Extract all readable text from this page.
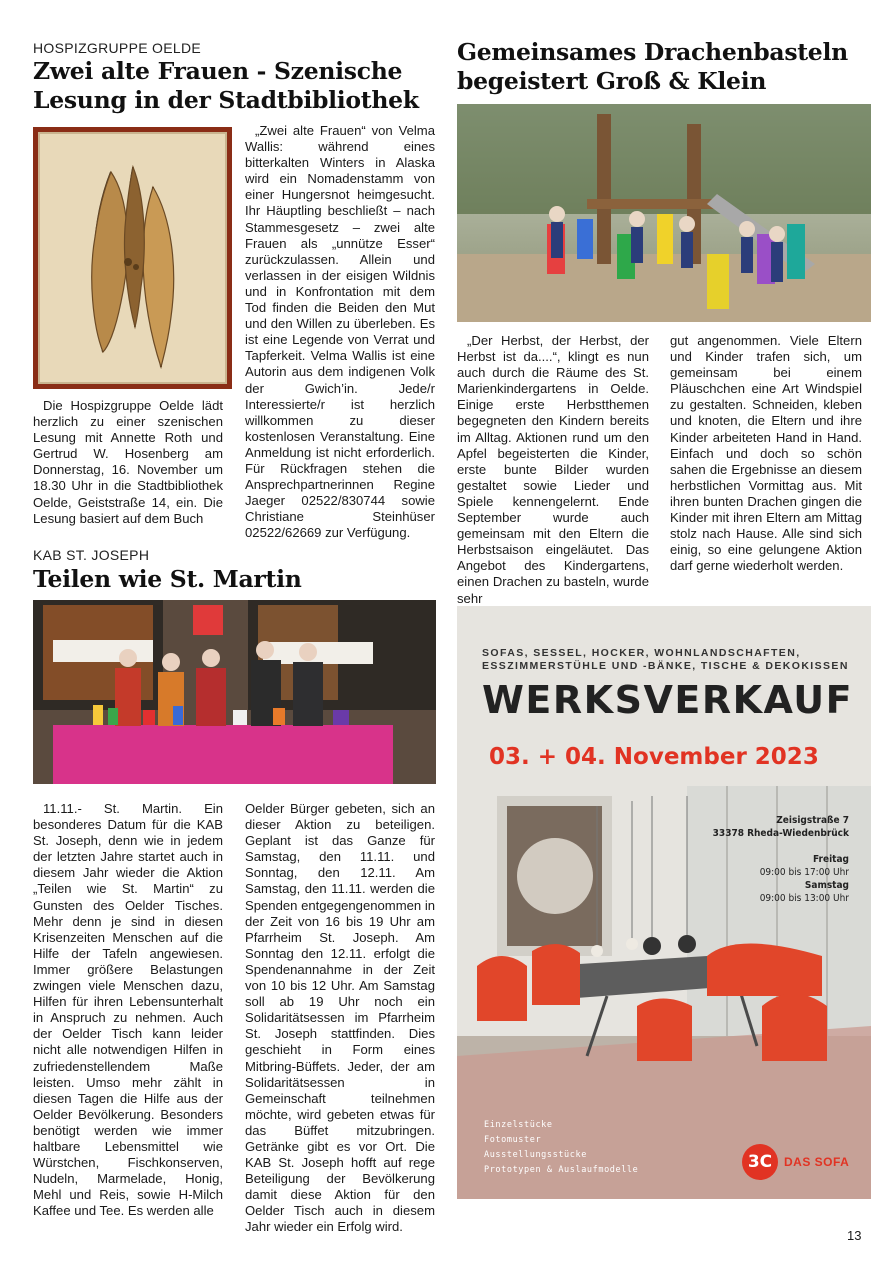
HOSPIZGRUPPE OELDE
Zwei alte Frauen - Szenische
Lesung in der Stadtbibliothek

Die Hospizgruppe Oelde lädt herzlich zu einer szenischen Lesung mit Annette Roth und Gertrud W. Hosenberg am Donnerstag, 16. November um 18.30 Uhr in die Stadtbibliothek Oelde, Geiststraße 14, ein. Die Lesung basiert auf dem Buch

„Zwei alte Frauen“ von Velma Wallis: während eines bitterkalten Winters in Alaska wird ein Nomadenstamm von einer Hungersnot heimgesucht. Ihr Häuptling beschließt – nach Stammesgesetz – zwei alte Frauen als „unnütze Esser“ zurückzulassen. Allein und verlassen in der eisigen Wildnis und in Konfrontation mit dem Tod finden die Beiden den Mut und den Willen zu überleben. Es ist eine Legende von Verrat und Tapferkeit. Velma Wallis ist eine Autorin aus dem indigenen Volk der Gwich’in. Jede/r Interessierte/r ist herzlich willkommen zu dieser kostenlosen Veranstaltung. Eine Anmeldung ist nicht erforderlich. Für Rückfragen stehen die Ansprechpartnerinnen Regine Jaeger 02522/830744 sowie Christiane Steinhüser 02522/62669 zur Verfügung.

Gemeinsames Drachenbasteln
begeistert Groß & Klein

„Der Herbst, der Herbst, der Herbst ist da....“, klingt es nun auch durch die Räume des St. Marienkindergartens in Oelde. Einige erste Herbstthemen begegneten den Kindern bereits im Alltag. Aktionen rund um den Apfel begeisterten die Kinder, erste bunte Bilder wurden gestaltet sowie Lieder und Spiele kennengelernt. Ende September wurde auch gemeinsam mit den Eltern die Herbstsaison eingeläutet. Das Angebot des Kindergartens, einen Drachen zu basteln, wurde sehr

gut angenommen. Viele Eltern und Kinder trafen sich, um gemeinsam bei einem Pläuschchen eine Art Windspiel zu gestalten. Schneiden, kleben und knoten, die Eltern und ihre Kinder arbeiteten Hand in Hand. Einfach und doch so schön sahen die Ergebnisse an diesem herbstlichen Vormittag aus. Mit ihren bunten Drachen gingen die Kinder mit ihren Eltern am Mittag stolz nach Hause. Alle sind sich einig, so eine gelungene Aktion darf gerne wiederholt werden.

KAB ST. JOSEPH
Teilen wie St. Martin

11.11.- St. Martin. Ein besonderes Datum für die KAB St. Joseph, denn wie in jedem der letzten Jahre startet auch in diesem Jahr wieder die Aktion „Teilen wie St. Martin“ zu Gunsten des Oelder Tisches. Mehr denn je sind in diesen Krisenzeiten Menschen auf die Hilfe der Tafeln angewiesen. Immer größere Belastungen zwingen viele Menschen dazu, Hilfen für ihren Lebensunterhalt in Anspruch zu nehmen. Auch der Oelder Tisch kann leider nicht alle notwendigen Hilfen in zufriedenstellendem Maße leisten. Umso mehr zählt in diesen Tagen die Hilfe aus der Oelder Bevölkerung. Besonders benötigt werden wie immer haltbare Lebensmittel wie Würstchen, Fischkonserven, Nudeln, Marmelade, Honig, Mehl und Reis, sowie H-Milch Kaffee und Tee. Es werden alle

Oelder Bürger gebeten, sich an dieser Aktion zu beteiligen. Geplant ist das Ganze für Samstag, den 11.11. und Sonntag, den 12.11. Am Samstag, den 11.11. werden die Spenden entgegengenommen in der Zeit von 16 bis 19 Uhr am Pfarrheim St. Joseph. Am Sonntag den 12.11. erfolgt die Spendenannahme in der Zeit von 10 bis 12 Uhr. Am Samstag soll ab 19 Uhr noch ein Solidaritätsessen im Pfarrheim St. Joseph stattfinden. Dies geschieht in Form eines Mitbring-Büffets. Jeder, der am Solidaritätsessen in Gemeinschaft teilnehmen möchte, wird gebeten etwas für das Büffet mitzubringen. Getränke gibt es vor Ort. Die KAB St. Joseph hofft auf rege Beteiligung der Bevölkerung damit diese Aktion für den Oelder Tisch auch in diesem Jahr wieder ein Erfolg wird.

SOFAS, SESSEL, HOCKER, WOHNLANDSCHAFTEN,
ESSZIMMERSTÜHLE UND -BÄNKE, TISCHE & DEKOKISSEN
WERKSVERKAUF
03. + 04. November 2023
Zeisigstraße 7
33378 Rheda-Wiedenbrück
Freitag
09:00 bis 17:00 Uhr
Samstag
09:00 bis 13:00 Uhr
Einzelstücke
Fotomuster
Ausstellungsstücke
Prototypen & Auslaufmodelle	3C DAS SOFA
13
